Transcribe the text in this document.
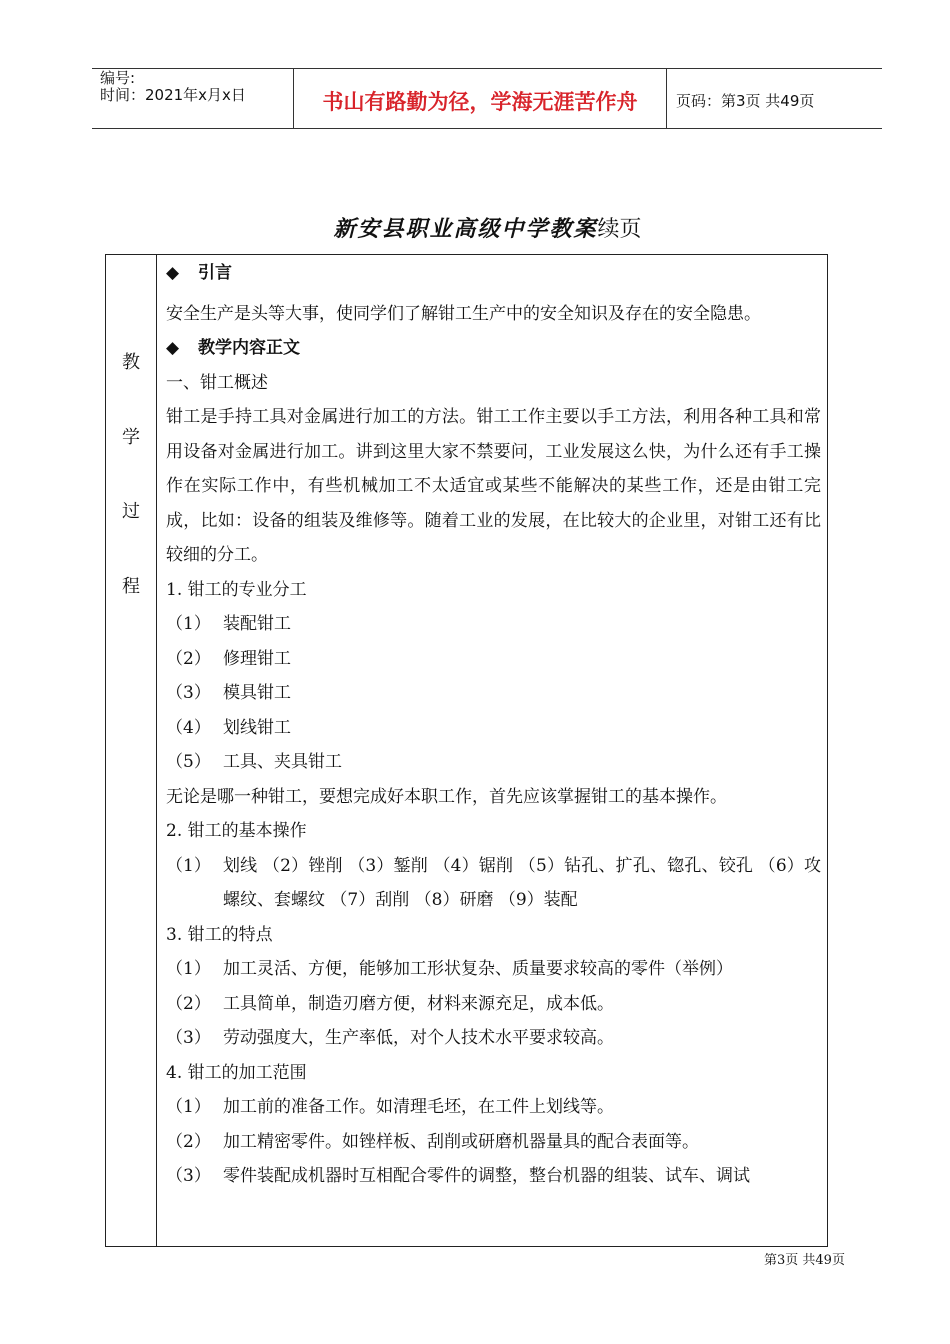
编号:
时间：2021年x月x日	书山有路勤为径，学海无涯苦作舟	页码：第3页 共49页
新安县职业高级中学教案续页
教
学
过
程

◆ 引言

安全生产是头等大事，使同学们了解钳工生产中的安全知识及存在的安全隐患。

◆ 教学内容正文

一、钳工概述

钳工是手持工具对金属进行加工的方法。钳工工作主要以手工方法，利用各种工具和常用设备对金属进行加工。讲到这里大家不禁要问，工业发展这么快，为什么还有手工操作在实际工作中，有些机械加工不太适宜或某些不能解决的某些工作，还是由钳工完成，比如：设备的组装及维修等。随着工业的发展，在比较大的企业里，对钳工还有比较细的分工。

1. 钳工的专业分工

（1） 装配钳工
（2） 修理钳工
（3） 模具钳工
（4） 划线钳工
（5） 工具、夹具钳工

无论是哪一种钳工，要想完成好本职工作，首先应该掌握钳工的基本操作。

2. 钳工的基本操作

（1） 划线 （2）锉削 （3）錾削 （4）锯削 （5）钻孔、扩孔、锪孔、铰孔 （6）攻螺纹、套螺纹 （7）刮削 （8）研磨 （9）装配

3. 钳工的特点

（1） 加工灵活、方便，能够加工形状复杂、质量要求较高的零件（举例）
（2） 工具简单，制造刃磨方便，材料来源充足，成本低。
（3） 劳动强度大，生产率低，对个人技术水平要求较高。

4. 钳工的加工范围

（1） 加工前的准备工作。如清理毛坯，在工件上划线等。
（2） 加工精密零件。如锉样板、刮削或研磨机器量具的配合表面等。
（3） 零件装配成机器时互相配合零件的调整，整台机器的组装、试车、调试
第3页 共49页
